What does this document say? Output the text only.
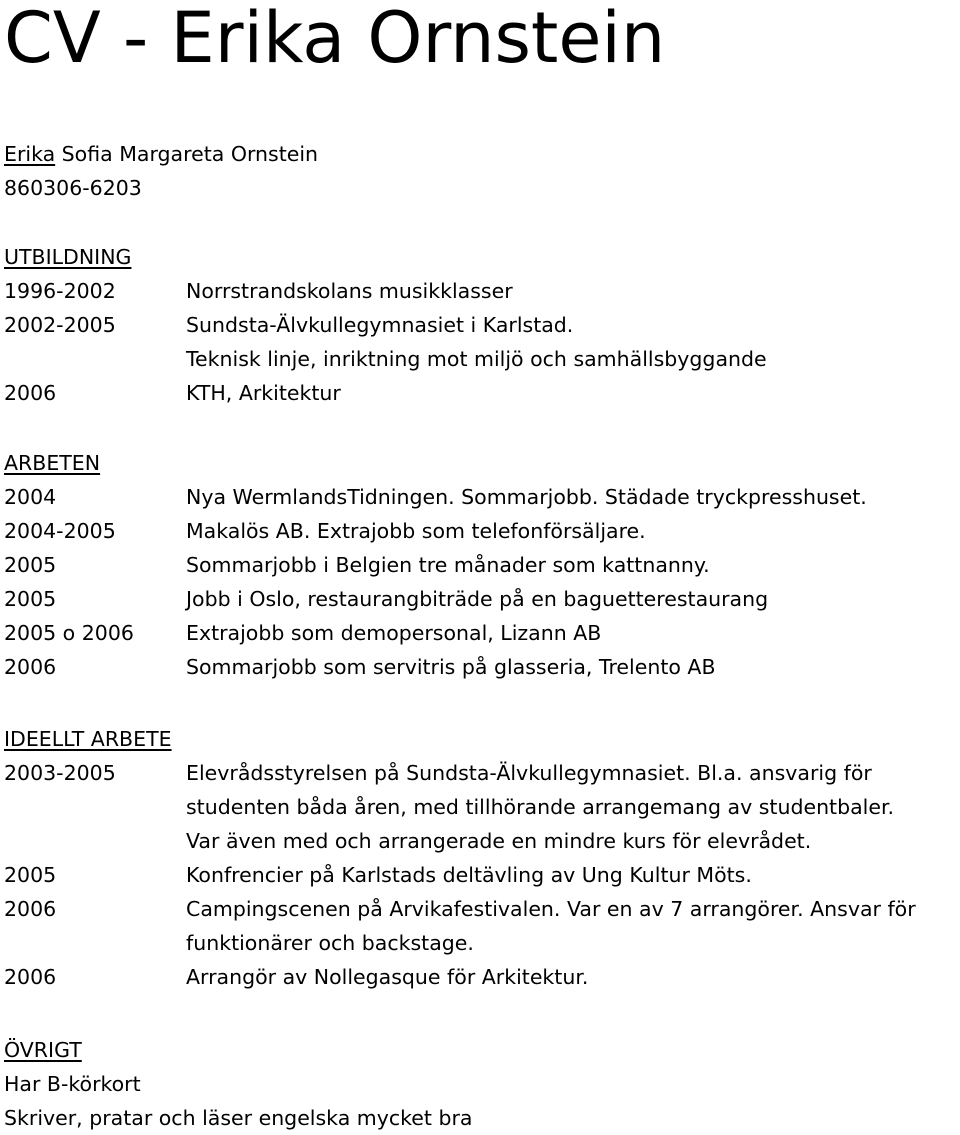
CV - Erika Ornstein
Erika Sofia Margareta Ornstein
860306-6203
UTBILDNING
1996-2002	Norrstrandskolans musikklasser
2002-2005	Sundsta-Älvkullegymnasiet i Karlstad.
Teknisk linje, inriktning mot miljö och samhällsbyggande
2006	KTH, Arkitektur
ARBETEN
2004	Nya WermlandsTidningen. Sommarjobb. Städade tryckpresshuset.
2004-2005	Makalös AB. Extrajobb som telefonförsäljare.
2005	Sommarjobb i Belgien tre månader som kattnanny.
2005	Jobb i Oslo, restaurangbiträde på en baguetterestaurang
2005 o 2006	Extrajobb som demopersonal, Lizann AB
2006	Sommarjobb som servitris på glasseria, Trelento AB
IDEELLT ARBETE
2003-2005	Elevrådsstyrelsen på Sundsta-Älvkullegymnasiet. Bl.a. ansvarig för
studenten båda åren, med tillhörande arrangemang av studentbaler.
Var även med och arrangerade en mindre kurs för elevrådet.
2005	Konfrencier på Karlstads deltävling av Ung Kultur Möts.
2006	Campingscenen på Arvikafestivalen. Var en av 7 arrangörer. Ansvar för
funktionärer och backstage.
2006	Arrangör av Nollegasque för Arkitektur.
ÖVRIGT
Har B-körkort
Skriver, pratar och läser engelska mycket bra
